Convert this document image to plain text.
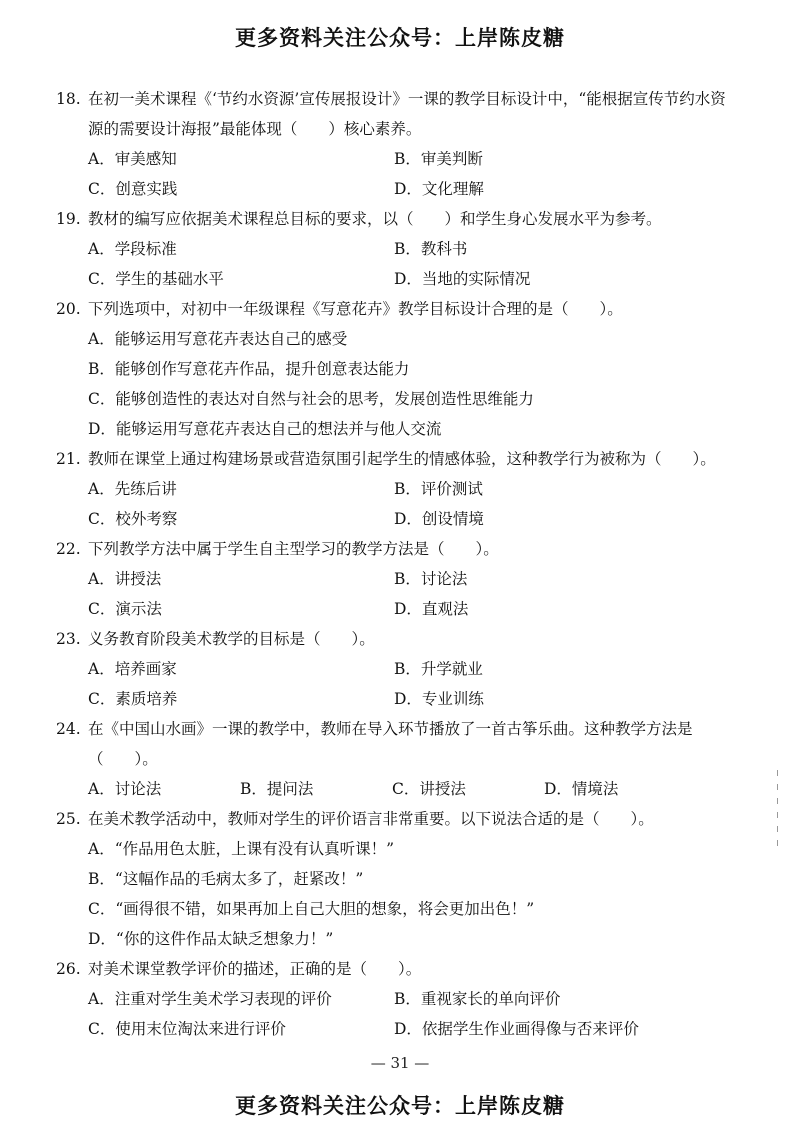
更多资料关注公众号：上岸陈皮糖
18. 在初一美术课程《‘节约水资源’宣传展报设计》一课的教学目标设计中，“能根据宣传节约水资源的需要设计海报”最能体现（　　）核心素养。
A．审美感知	B．审美判断
C．创意实践	D．文化理解
19. 教材的编写应依据美术课程总目标的要求，以（　　）和学生身心发展水平为参考。
A．学段标准	B．教科书
C．学生的基础水平	D．当地的实际情况
20. 下列选项中，对初中一年级课程《写意花卉》教学目标设计合理的是（　　）。
A．能够运用写意花卉表达自己的感受
B．能够创作写意花卉作品，提升创意表达能力
C．能够创造性的表达对自然与社会的思考，发展创造性思维能力
D．能够运用写意花卉表达自己的想法并与他人交流
21. 教师在课堂上通过构建场景或营造氛围引起学生的情感体验，这种教学行为被称为（　　）。
A．先练后讲	B．评价测试
C．校外考察	D．创设情境
22. 下列教学方法中属于学生自主型学习的教学方法是（　　）。
A．讲授法	B．讨论法
C．演示法	D．直观法
23. 义务教育阶段美术教学的目标是（　　）。
A．培养画家	B．升学就业
C．素质培养	D．专业训练
24. 在《中国山水画》一课的教学中，教师在导入环节播放了一首古筝乐曲。这种教学方法是（　　）。
A．讨论法	B．提问法	C．讲授法	D．情境法
25. 在美术教学活动中，教师对学生的评价语言非常重要。以下说法合适的是（　　）。
A．“作品用色太脏，上课有没有认真听课！”
B．“这幅作品的毛病太多了，赶紧改！”
C．“画得很不错，如果再加上自己大胆的想象，将会更加出色！”
D．“你的这件作品太缺乏想象力！”
26. 对美术课堂教学评价的描述，正确的是（　　）。
A．注重对学生美术学习表现的评价	B．重视家长的单向评价
C．使用末位淘汰来进行评价	D．依据学生作业画得像与否来评价
— 31 —
更多资料关注公众号：上岸陈皮糖
